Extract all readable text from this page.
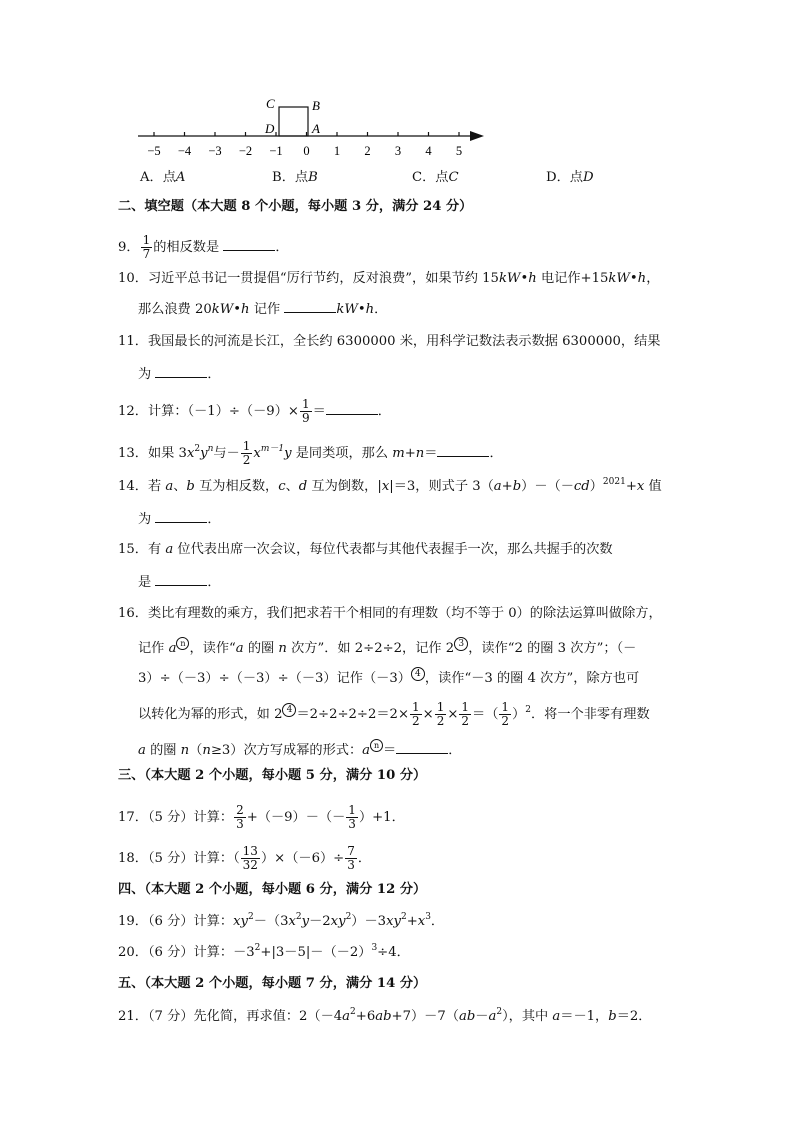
−5 −4 −3 −2 −1 0 1 2 3 4 5
C	B
D	A
A．点A	B．点B	C．点C	D．点D
二、填空题（本大题 8 个小题，每小题 3 分，满分 24 分）
9． $\frac{1}{7}$ 的相反数是	．
10．习近平总书记一贯提倡“厉行节约，反对浪费”，如果节约 15kW•h 电记作+15kW•h，
那么浪费 20kW•h 记作	kW•h．
11．我国最长的河流是长江，全长约 6300000 米，用科学记数法表示数据 6300000，结果
为	．
12．计算：$(-1)\div(-9)\times \frac{1}{9}$ ＝	．
13．如果 $3x^2y^n$与－ $\frac{1}{2} x^{m-1}y$ 是同类项，那么 m+n＝	．
14．若 a、b 互为相反数，c、d 互为倒数，|x|＝3，则式子 $3(a+b)-(-cd)^{2021}+x$ 值
为	．
15．有 a 位代表出席一次会议，每位代表都与其他代表握手一次，那么共握手的次数
是	．
16．类比有理数的乘方，我们把求若干个相同的有理数（均不等于 0）的除法运算叫做除方，
记作 a n ，读作“a 的圈 n 次方”．如 2÷2÷2，记作 2 3 ，读作“2 的圈 3 次方”；（－
3）÷（－3）÷（－3）÷（－3）记作（－3） 4 ，读作“－3 的圈 4 次方”，除方也可
以转化为幂的形式，如 2 $4 =2\div 2\div 2\div 2=2\times \frac{1}{2} \times \frac{1}{2} \times \frac{1}{2}$ ＝（ $\frac{1}{2} )^2$．将一个非零有理数
a 的圈 n（n≥3）次方写成幂的形式：a n ＝	．
三、（本大题 2 个小题，每小题 5 分，满分 10 分）
17．（5 分）计算： $\frac{2}{3} +(-9)-(- \frac{1}{3} )+1$．
18．（5 分）计算：（ $\frac{13}{32} )\times(-6)\div \frac{7}{3}$ ．
四、（本大题 2 个小题，每小题 6 分，满分 12 分）
19．（6 分）计算：$xy^2-(3x^2y-2xy^2)-3xy^2+x^3$．
20．（6 分）计算：$-3^2+|3-5|-(-2)^3\div 4$．
五、（本大题 2 个小题，每小题 7 分，满分 14 分）
21．（7 分）先化简，再求值：$2(-4a^2+6ab+7)-7(ab-a^2)$，其中 a＝－1，b＝2．
